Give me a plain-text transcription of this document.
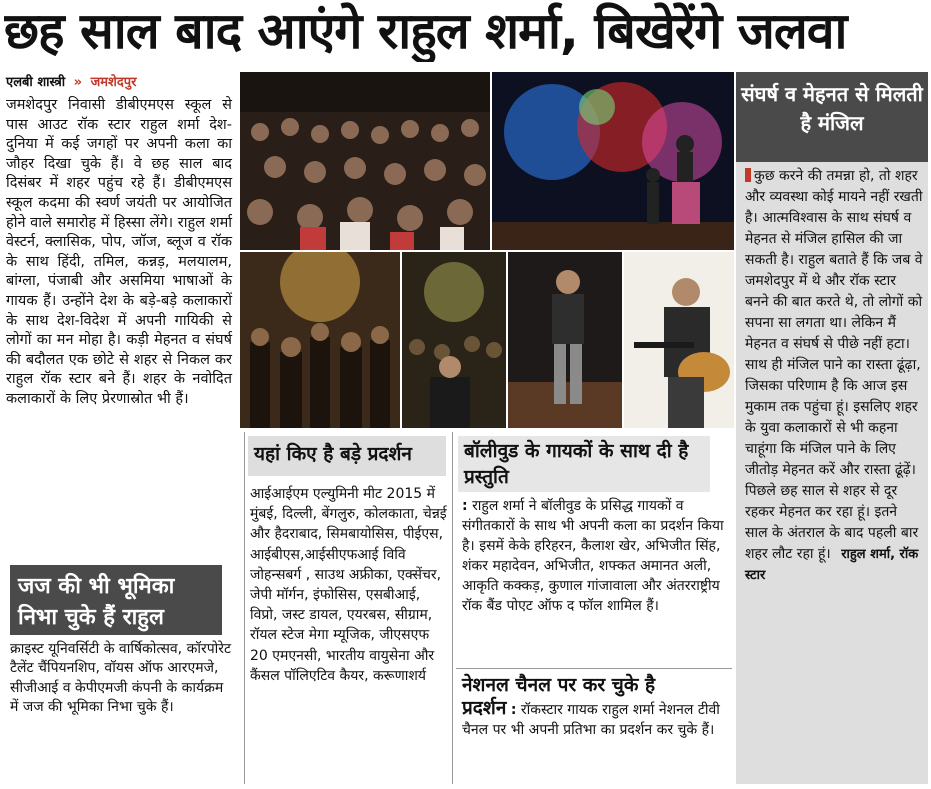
छह साल बाद आएंगे राहुल शर्मा, बिखेरेंगे जलवा
एलबी शास्त्री » जमशेदपुर
जमशेदपुर निवासी डीबीएमएस स्कूल से पास आउट रॉक स्टार राहुल शर्मा देश-दुनिया में कई जगहों पर अपनी कला का जौहर दिखा चुके हैं। वे छह साल बाद दिसंबर में शहर पहुंच रहे हैं। डीबीएमएस स्कूल कदमा की स्वर्ण जयंती पर आयोजित होने वाले समारोह में हिस्सा लेंगे। राहुल शर्मा वेस्टर्न, क्लासिक, पोप, जॉज, ब्लूज व रॉक के साथ हिंदी, तमिल, कन्नड़, मलयालम, बांग्ला, पंजाबी और असमिया भाषाओं के गायक हैं। उन्होंने देश के बड़े-बड़े कलाकारों के साथ देश-विदेश में अपनी गायिकी से लोगों का मन मोहा है। कड़ी मेहनत व संघर्ष की बदौलत एक छोटे से शहर से निकल कर राहुल रॉक स्टार बने हैं। शहर के नवोदित कलाकारों के लिए प्रेरणास्रोत भी हैं।
जज की भी भूमिका निभा चुके हैं राहुल
क्राइस्ट यूनिवर्सिटी के वार्षिकोत्सव, कॉरपोरेट टैलेंट चैंपियनशिप, वॉयस ऑफ आरएमजे, सीजीआई व केपीएमजी कंपनी के कार्यक्रम में जज की भूमिका निभा चुके हैं।
यहां किए है बड़े प्रदर्शन
आईआईएम एल्युमिनी मीट 2015 में मुंबई, दिल्ली, बेंगलुरु, कोलकाता, चेन्नई और हैदराबाद, सिमबायोसिस, पीईएस, आईबीएस,आईसीएफआई विवि जोहन्सबर्ग , साउथ अफ्रीका, एक्सेंचर, जेपी मॉर्गन, इंफोसिस, एसबीआई, विप्रो, जस्ट डायल, एयरबस, सीग्राम, रॉयल स्टेज मेगा म्यूजिक, जीएसएफ 20 एमएनसी, भारतीय वायुसेना और कैंसल पॉलिएटिव कैयर, करूणाशर्य
बॉलीवुड के गायकों के साथ दी है प्रस्तुति
: राहुल शर्मा ने बॉलीवुड के प्रसिद्ध गायकों व संगीतकारों के साथ भी अपनी कला का प्रदर्शन किया है। इसमें केके हरिहरन, कैलाश खेर, अभिजीत सिंह, शंकर महादेवन, अभिजीत, शफ्कत अमानत अली, आकृति कक्कड़, कुणाल गांजावाला और अंतरराष्ट्रीय रॉक बैंड पोएट ऑफ द फॉल शामिल हैं।
नेशनल चैनल पर कर चुके है
प्रदर्शन : रॉकस्टार गायक राहुल शर्मा नेशनल टीवी चैनल पर भी अपनी प्रतिभा का प्रदर्शन कर चुके हैं।
संघर्ष व मेहनत से मिलती है मंजिल
कुछ करने की तमन्ना हो, तो शहर और व्यवस्था कोई मायने नहीं रखती है। आत्मविश्वास के साथ संघर्ष व मेहनत से मंजिल हासिल की जा सकती है। राहुल बताते हैं कि जब वे जमशेदपुर में थे और रॉक स्टार बनने की बात करते थे, तो लोगों को सपना सा लगता था। लेकिन मैं मेहनत व संघर्ष से पीछे नहीं हटा। साथ ही मंजिल पाने का रास्ता ढूंढ़ा, जिसका परिणाम है कि आज इस मुकाम तक पहुंचा हूं। इसलिए शहर के युवा कलाकारों से भी कहना चाहूंगा कि मंजिल पाने के लिए जीतोड़ मेहनत करें और रास्ता ढूंढ़ें। पिछले छह साल से शहर से दूर रहकर मेहनत कर रहा हूं। इतने साल के अंतराल के बाद पहली बार शहर लौट रहा हूं। राहुल शर्मा, रॉक स्टार
